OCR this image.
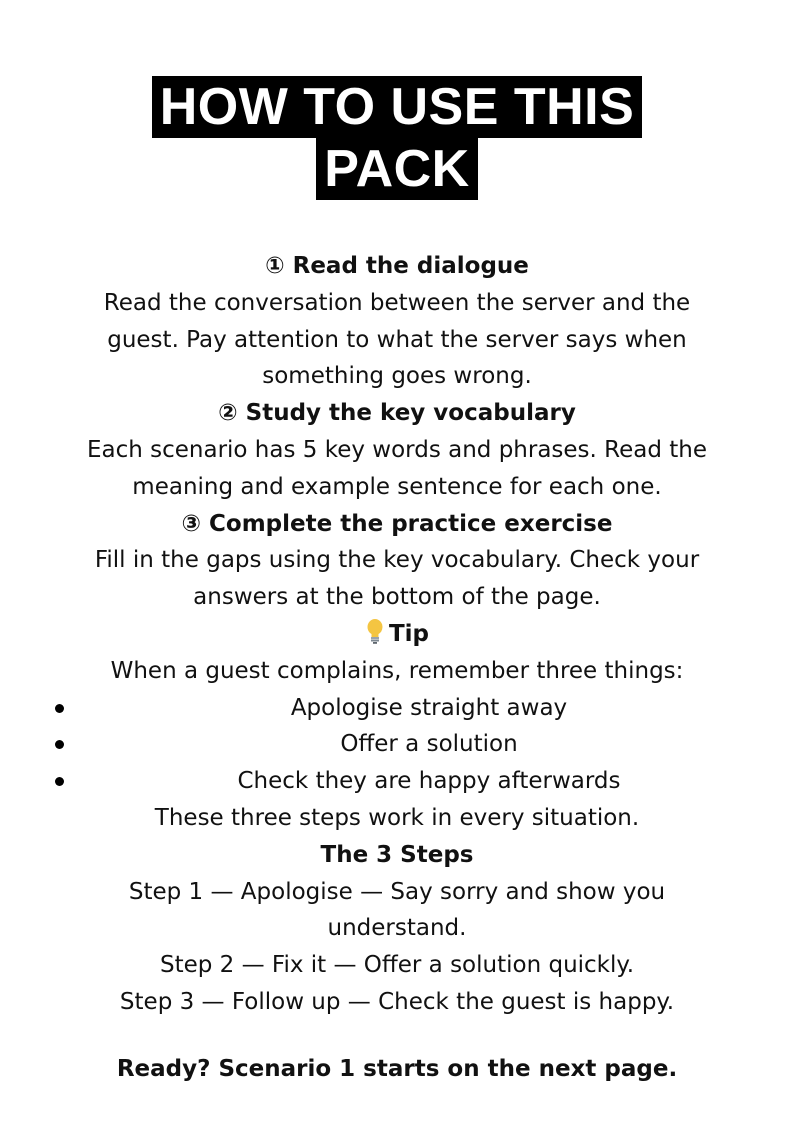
HOW TO USE THIS
PACK

① Read the dialogue

Read the conversation between the server and the

guest. Pay attention to what the server says when

something goes wrong.

② Study the key vocabulary

Each scenario has 5 key words and phrases. Read the

meaning and example sentence for each one.

③ Complete the practice exercise

Fill in the gaps using the key vocabulary. Check your

answers at the bottom of the page.

Tip

When a guest complains, remember three things:

Apologise straight away
Offer a solution
Check they are happy afterwards

These three steps work in every situation.

The 3 Steps

Step 1 — Apologise — Say sorry and show you

understand.

Step 2 — Fix it — Offer a solution quickly.

Step 3 — Follow up — Check the guest is happy.

Ready? Scenario 1 starts on the next page.
